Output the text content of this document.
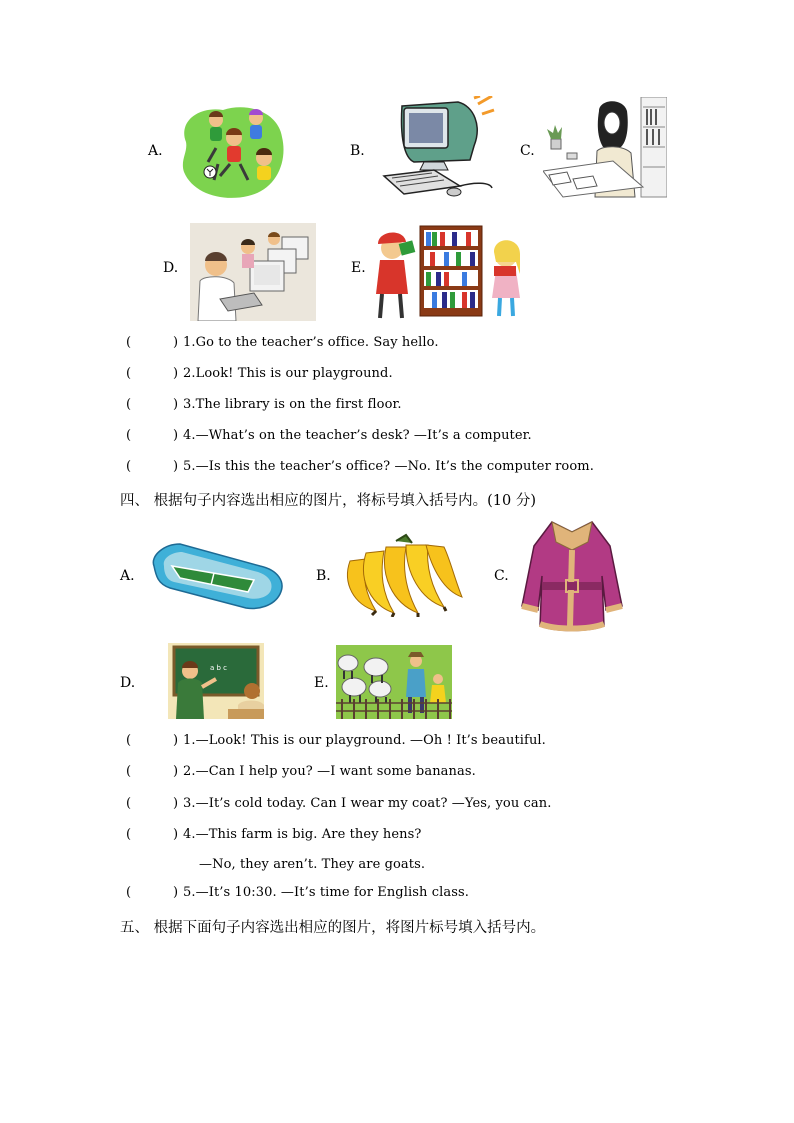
A.	B.	C.
D.	E.
(	) 1.Go to the teacher’s office. Say hello.
(	) 2.Look! This is our playground.
(	) 3.The library is on the first floor.
(	) 4.—What’s on the teacher’s desk? —It’s a computer.
(	) 5.—Is this the teacher’s office? —No. It’s the computer room.
四、 根据句子内容选出相应的图片，将标号填入括号内。(10 分)
A.	B.	C.
D.	E.
a b c
(	) 1.—Look! This is our playground. —Oh ! It’s beautiful.
(	) 2.—Can I help you? —I want some bananas.
(	) 3.—It’s cold today. Can I wear my coat? —Yes, you can.
(	) 4.—This farm is big. Are they hens?
—No, they aren’t. They are goats.
(	) 5.—It’s 10:30. —It’s time for English class.
五、 根据下面句子内容选出相应的图片，将图片标号填入括号内。
